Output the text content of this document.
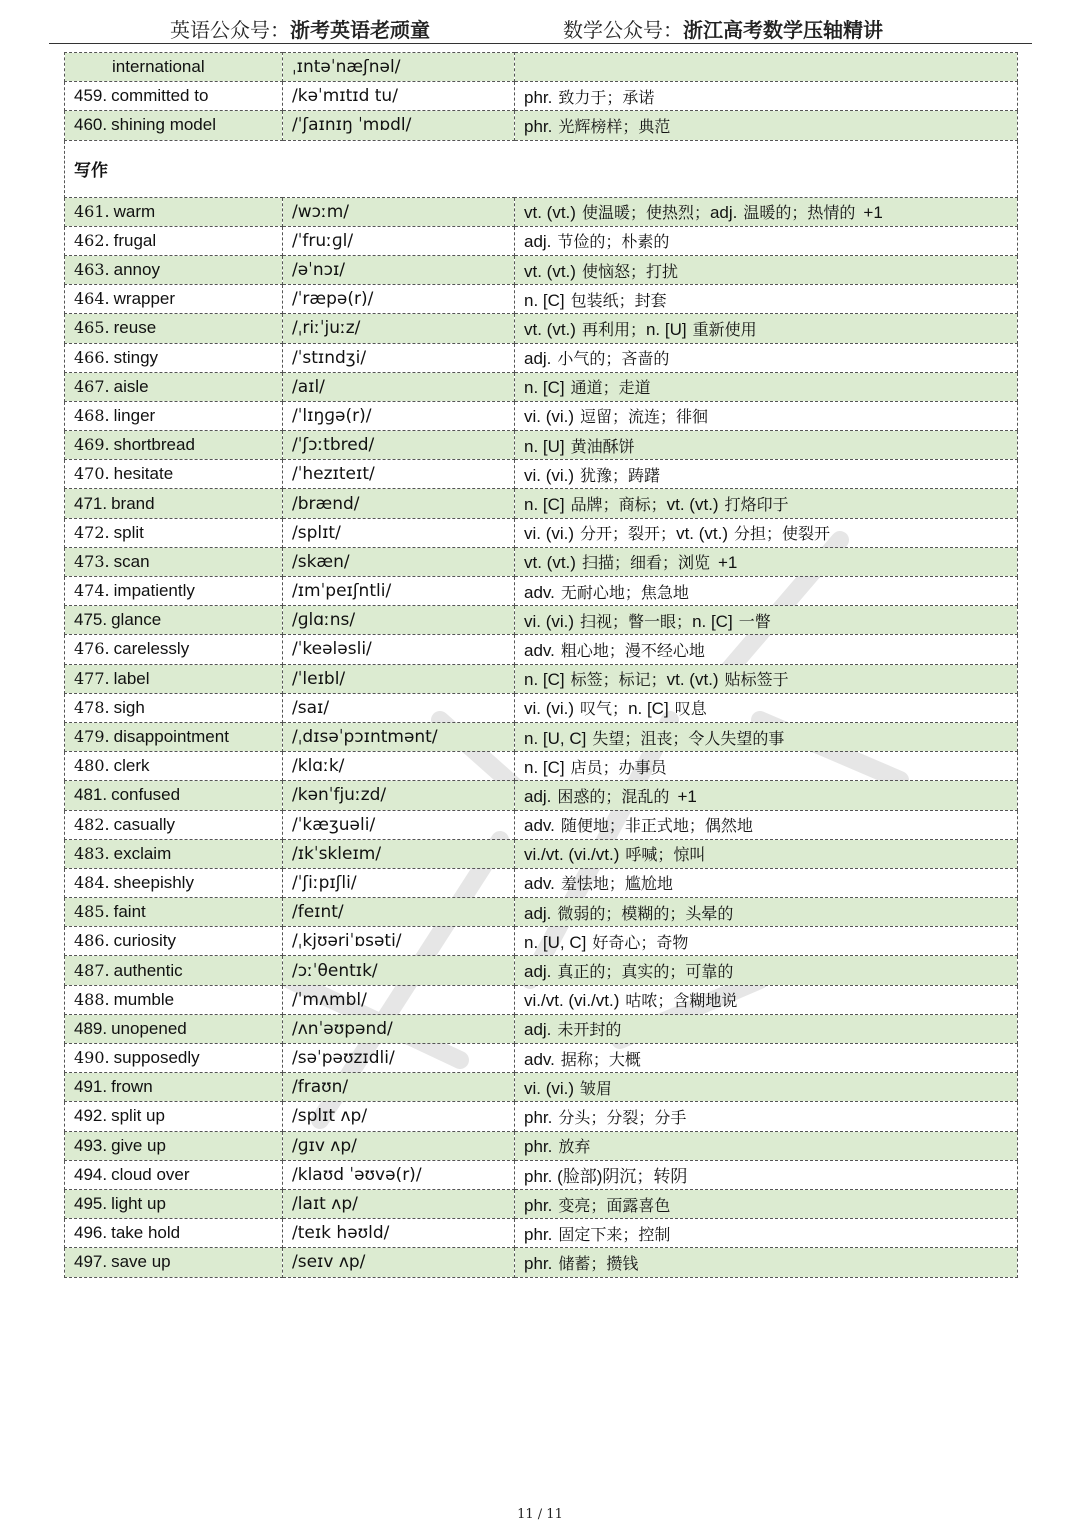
英语公众号：浙考英语老顽童	数学公众号：浙江高考数学压轴精讲
international	ˌɪntəˈnæʃnəl/	
459. committed to	/kəˈmɪtɪd tu/	phr. 致力于；承诺
460. shining model	/ˈʃaɪnɪŋ ˈmɒdl/	phr. 光辉榜样；典范
写作		
461. warm	/wɔːm/	vt. (vt.) 使温暖；使热烈；adj. 温暖的；热情的 +1
462. frugal	/ˈfruːɡl/	adj. 节俭的；朴素的
463. annoy	/əˈnɔɪ/	vt. (vt.) 使恼怒；打扰
464. wrapper	/ˈræpə(r)/	n. [C] 包装纸；封套
465. reuse	/ˌriːˈjuːz/	vt. (vt.) 再利用；n. [U] 重新使用
466. stingy	/ˈstɪndʒi/	adj. 小气的；吝啬的
467. aisle	/aɪl/	n. [C] 通道；走道
468. linger	/ˈlɪŋɡə(r)/	vi. (vi.) 逗留；流连；徘徊
469. shortbread	/ˈʃɔːtbred/	n. [U] 黄油酥饼
470. hesitate	/ˈhezɪteɪt/	vi. (vi.) 犹豫；踌躇
471. brand	/brænd/	n. [C] 品牌；商标；vt. (vt.) 打烙印于
472. split	/splɪt/	vi. (vi.) 分开；裂开；vt. (vt.) 分担；使裂开
473. scan	/skæn/	vt. (vt.) 扫描；细看；浏览 +1
474. impatiently	/ɪmˈpeɪʃntli/	adv. 无耐心地；焦急地
475. glance	/ɡlɑːns/	vi. (vi.) 扫视；瞥一眼；n. [C] 一瞥
476. carelessly	/ˈkeələsli/	adv. 粗心地；漫不经心地
477. label	/ˈleɪbl/	n. [C] 标签；标记；vt. (vt.) 贴标签于
478. sigh	/saɪ/	vi. (vi.) 叹气；n. [C] 叹息
479. disappointment	/ˌdɪsəˈpɔɪntmənt/	n. [U, C] 失望；沮丧；令人失望的事
480. clerk	/klɑːk/	n. [C] 店员；办事员
481. confused	/kənˈfjuːzd/	adj. 困惑的；混乱的 +1
482. casually	/ˈkæʒuəli/	adv. 随便地；非正式地；偶然地
483. exclaim	/ɪkˈskleɪm/	vi./vt. (vi./vt.) 呼喊；惊叫
484. sheepishly	/ˈʃiːpɪʃli/	adv. 羞怯地；尴尬地
485. faint	/feɪnt/	adj. 微弱的；模糊的；头晕的
486. curiosity	/ˌkjʊəriˈɒsəti/	n. [U, C] 好奇心；奇物
487. authentic	/ɔːˈθentɪk/	adj. 真正的；真实的；可靠的
488. mumble	/ˈmʌmbl/	vi./vt. (vi./vt.) 咕哝；含糊地说
489. unopened	/ʌnˈəʊpənd/	adj. 未开封的
490. supposedly	/səˈpəʊzɪdli/	adv. 据称；大概
491. frown	/fraʊn/	vi. (vi.) 皱眉
492. split up	/splɪt ʌp/	phr. 分头；分裂；分手
493. give up	/ɡɪv ʌp/	phr. 放弃
494. cloud over	/klaʊd ˈəʊvə(r)/	phr. (脸部)阴沉；转阴
495. light up	/laɪt ʌp/	phr. 变亮；面露喜色
496. take hold	/teɪk həʊld/	phr. 固定下来；控制
497. save up	/seɪv ʌp/	phr. 储蓄；攒钱
11 / 11
